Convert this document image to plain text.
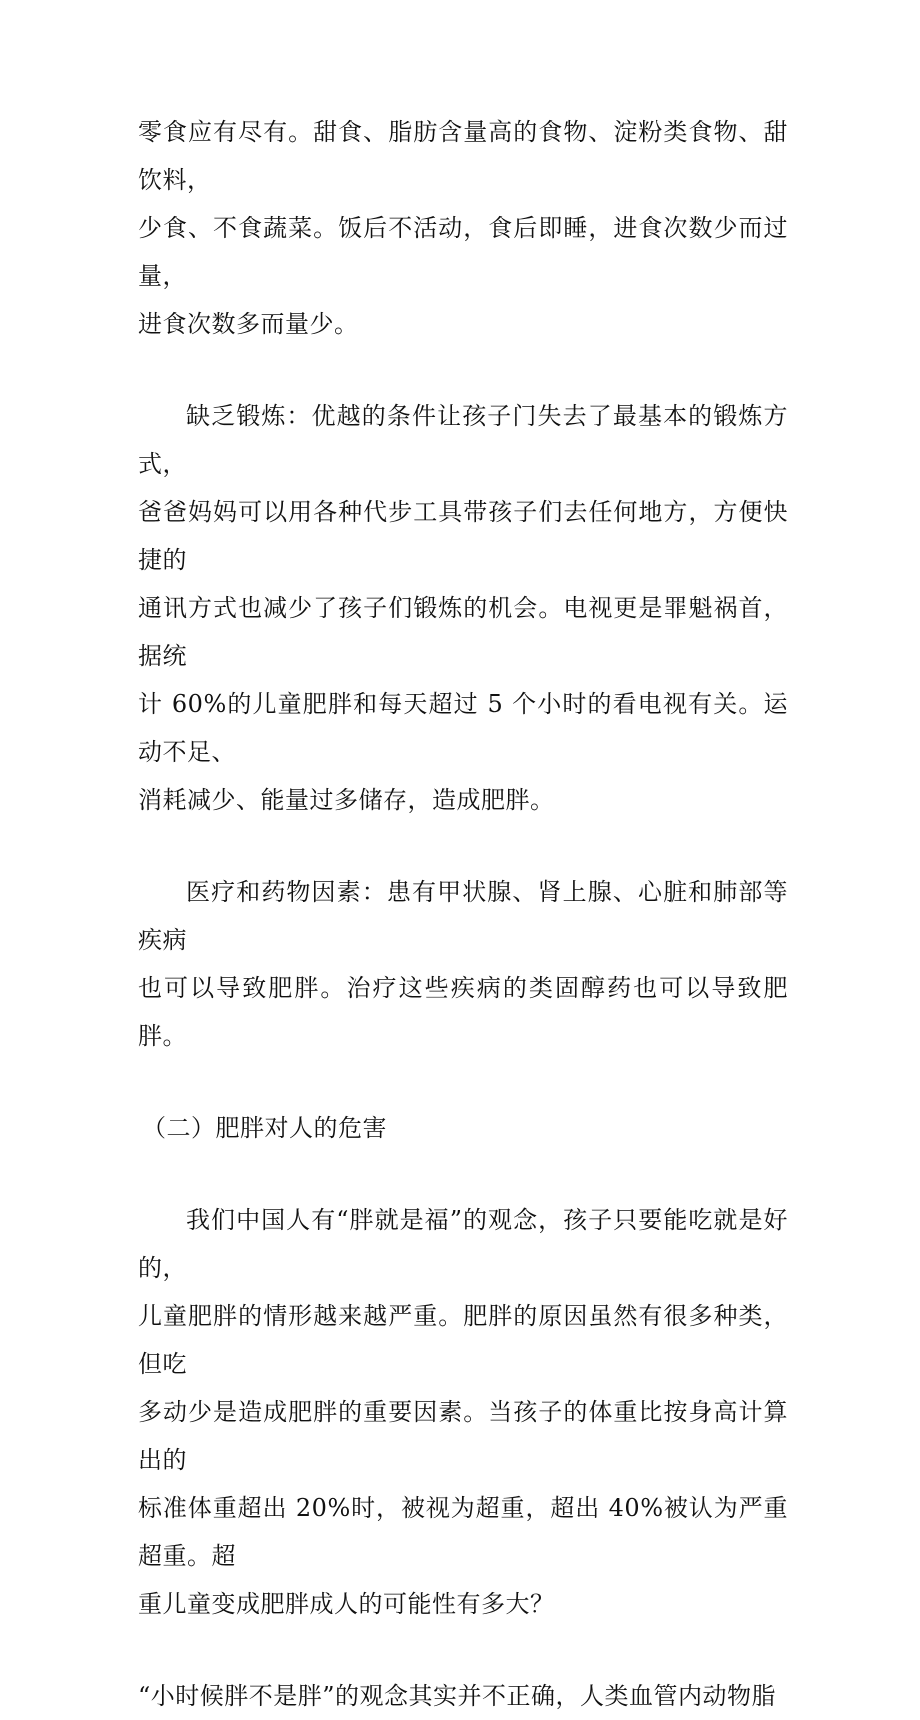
零食应有尽有。甜食、脂肪含量高的食物、淀粉类食物、甜饮料，
少食、不食蔬菜。饭后不活动，食后即睡，进食次数少而过量，
进食次数多而量少。

缺乏锻炼：优越的条件让孩子门失去了最基本的锻炼方式，
爸爸妈妈可以用各种代步工具带孩子们去任何地方，方便快捷的
通讯方式也减少了孩子们锻炼的机会。电视更是罪魁祸首，据统
计 60%的儿童肥胖和每天超过 5 个小时的看电视有关。运动不足、
消耗减少、能量过多储存，造成肥胖。

医疗和药物因素：患有甲状腺、肾上腺、心脏和肺部等疾病
也可以导致肥胖。治疗这些疾病的类固醇药也可以导致肥胖。

（二）肥胖对人的危害

我们中国人有“胖就是福”的观念，孩子只要能吃就是好的，
儿童肥胖的情形越来越严重。肥胖的原因虽然有很多种类，但吃
多动少是造成肥胖的重要因素。当孩子的体重比按身高计算出的
标准体重超出 20%时，被视为超重，超出 40%被认为严重超重。超
重儿童变成肥胖成人的可能性有多大？

“小时候胖不是胖”的观念其实并不正确，人类血管内动物脂
